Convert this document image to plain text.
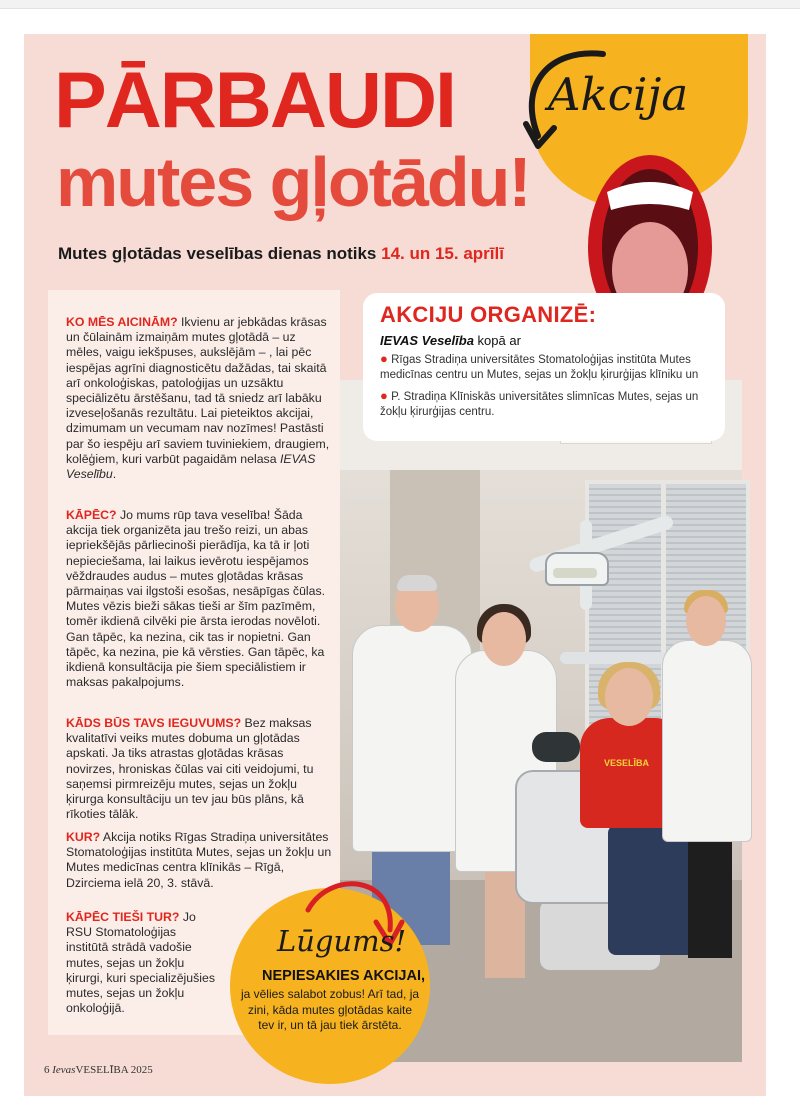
VESELĪBA
Akcija
PĀRBAUDI
mutes gļotādu!
Mutes gļotādas veselības dienas notiks 14. un 15. aprīlī
AKCIJU ORGANIZĒ:
IEVAS Veselība kopā ar
● Rīgas Stradiņa universitātes Stomatoloģijas institūta Mutes medicīnas centru un Mutes, sejas un žokļu ķirurģijas klīniku un
● P. Stradiņa Klīniskās universitātes slimnīcas Mutes, sejas un žokļu ķirurģijas centru.

KO MĒS AICINĀM? Ikvienu ar jebkādas krāsas un čūlainām izmaiņām mutes gļotādā – uz mēles, vaigu iekšpuses, aukslējām – , lai pēc iespējas agrīni diagnosticētu dažādas, tai skaitā arī onkoloģiskas, patoloģijas un uzsāktu speciālizētu ārstēšanu, tad tā sniedz arī labāku izveseļošanās rezultātu. Lai pieteiktos akcijai, dzimumam un vecumam nav nozīmes! Pastāsti par šo iespēju arī saviem tuviniekiem, draugiem, kolēģiem, kuri varbūt pagaidām nelasa IEVAS Veselību.

KĀPĒC? Jo mums rūp tava veselība! Šāda akcija tiek organizēta jau trešo reizi, un abas iepriekšējās pārliecinoši pierādīja, ka tā ir ļoti nepieciešama, lai laikus ievērotu iespējamos vēždraudes audus – mutes gļotādas krāsas pārmaiņas vai ilgstoši esošas, nesāpīgas čūlas. Mutes vēzis bieži sākas tieši ar šīm pazīmēm, tomēr ikdienā cilvēki pie ārsta ierodas novēloti. Gan tāpēc, ka nezina, cik tas ir nopietni. Gan tāpēc, ka nezina, pie kā vērsties. Gan tāpēc, ka ikdienā konsultācija pie šiem speciālistiem ir maksas pakalpojums.

KĀDS BŪS TAVS IEGUVUMS? Bez maksas kvalitatīvi veiks mutes dobuma un gļotādas apskati. Ja tiks atrastas gļotādas krāsas novirzes, hroniskas čūlas vai citi veidojumi, tu saņemsi pirmreizēju mutes, sejas un žokļu ķirurga konsultāciju un tev jau būs plāns, kā rīkoties tālāk.

KUR? Akcija notiks Rīgas Stradiņa universitātes Stomatoloģijas institūta Mutes, sejas un žokļu un Mutes medicīnas centra klīnikās – Rīgā, Dzirciema ielā 20, 3. stāvā.

KĀPĒC TIEŠI TUR? Jo RSU Stomatoloģijas institūtā strādā vadošie mutes, sejas un žokļu ķirurgi, kuri specializējušies mutes, sejas un žokļu onkoloģijā.

Lūgums!
NEPIESAKIES AKCIJAI,
ja vēlies salabot zobus! Arī tad, ja zini, kāda mutes gļotādas kaite tev ir, un tā jau tiek ārstēta.
6 IevasVESELĪBA 2025
